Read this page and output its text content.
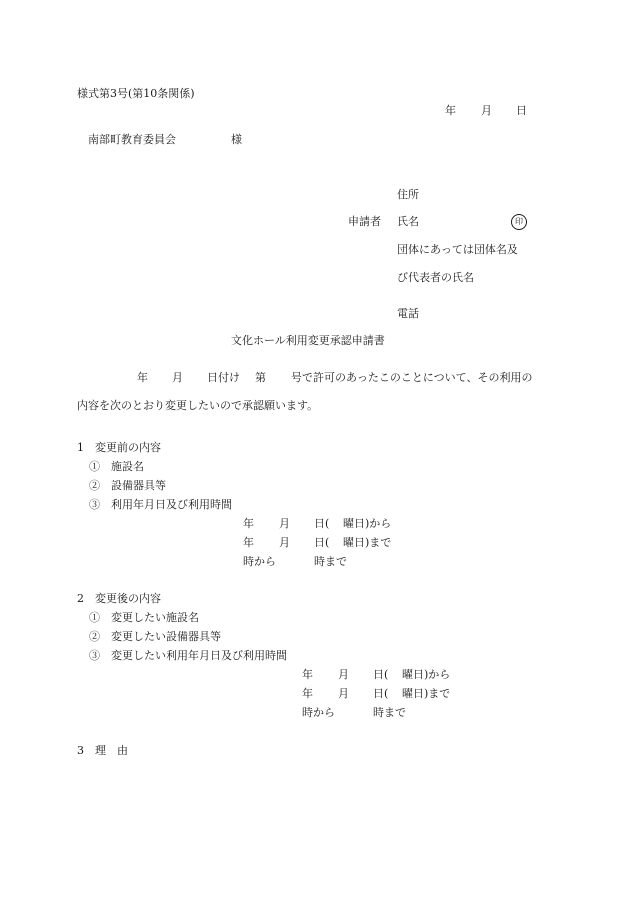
様式第3号(第10条関係)
年 月 日
南部町教育委員会	様
住所
申請者 氏名	印
団体にあっては団体名及
び代表者の氏名
電話
文化ホール利用変更承認申請書
年 月 日付け 第 号で許可のあったこのことについて、その利用の
内容を次のとおり変更したいので承認願います。
1　変更前の内容
①　施設名
②　設備器具等
③　利用年月日及び利用時間
年 月 日( 曜日)から
年 月 日( 曜日)まで
時から	時まで
2　変更後の内容
①　変更したい施設名
②　変更したい設備器具等
③　変更したい利用年月日及び利用時間
年 月 日( 曜日)から
年 月 日( 曜日)まで
時から	時まで
3　理　由
